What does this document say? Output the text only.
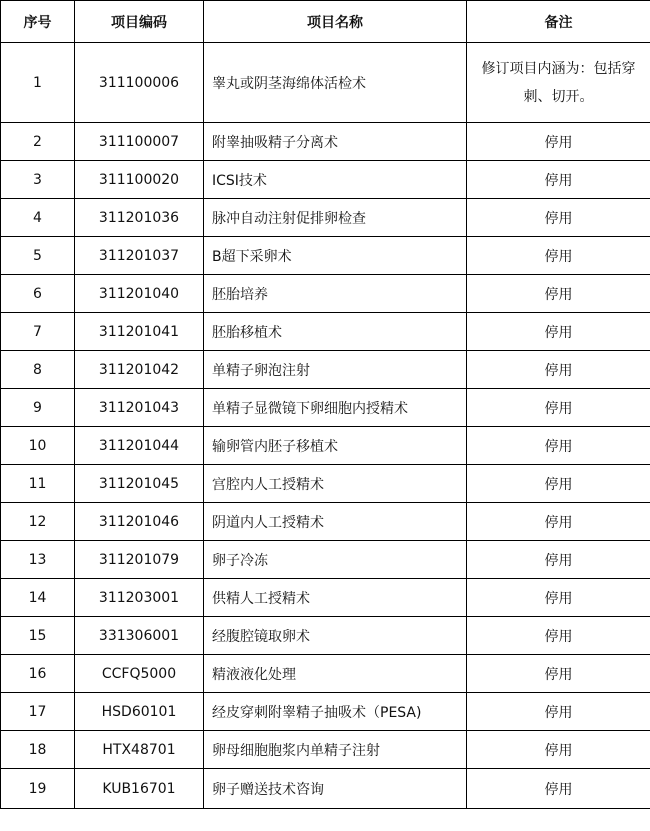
序号	项目编码	项目名称	备注
1	311100006	睾丸或阴茎海绵体活检术	修订项目内涵为：包括穿刺、切开。
2	311100007	附睾抽吸精子分离术	停用
3	311100020	ICSI技术	停用
4	311201036	脉冲自动注射促排卵检查	停用
5	311201037	B超下采卵术	停用
6	311201040	胚胎培养	停用
7	311201041	胚胎移植术	停用
8	311201042	单精子卵泡注射	停用
9	311201043	单精子显微镜下卵细胞内授精术	停用
10	311201044	输卵管内胚子移植术	停用
11	311201045	宫腔内人工授精术	停用
12	311201046	阴道内人工授精术	停用
13	311201079	卵子冷冻	停用
14	311203001	供精人工授精术	停用
15	331306001	经腹腔镜取卵术	停用
16	CCFQ5000	精液液化处理	停用
17	HSD60101	经皮穿刺附睾精子抽吸术（PESA)	停用
18	HTX48701	卵母细胞胞浆内单精子注射	停用
19	KUB16701	卵子赠送技术咨询	停用
